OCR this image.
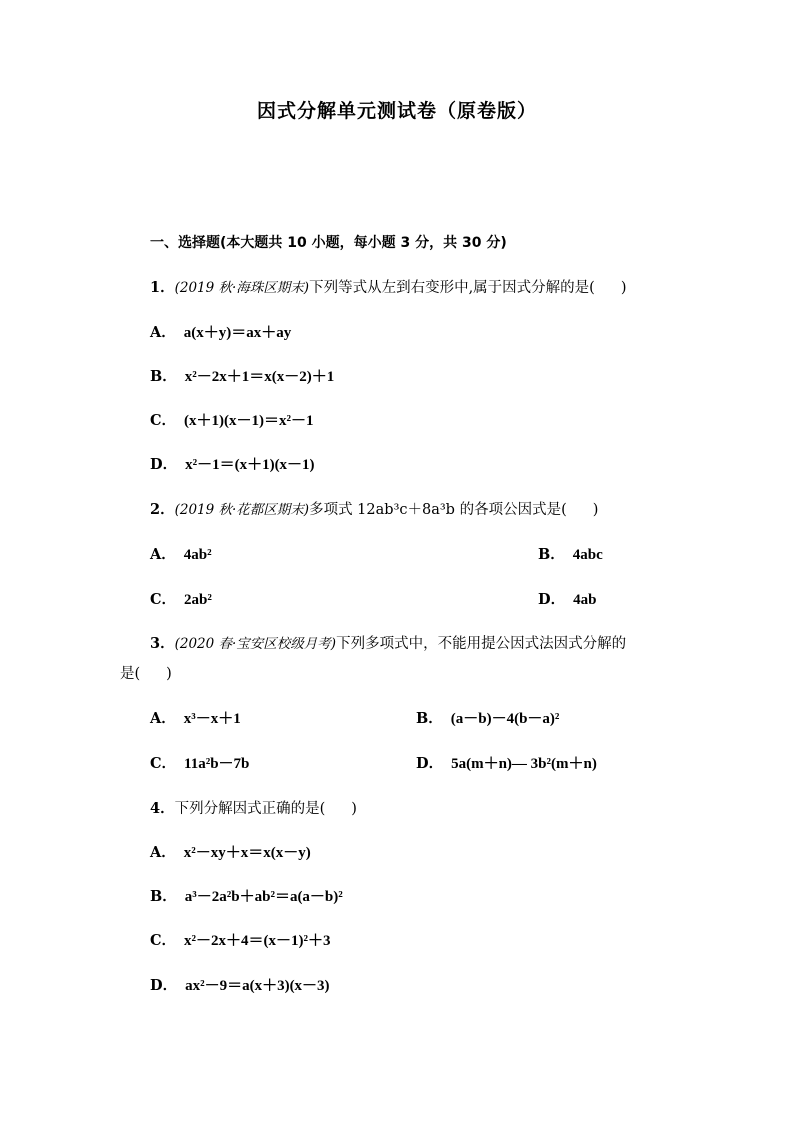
因式分解单元测试卷（原卷版）
一、选择题(本大题共 10 小题，每小题 3 分，共 30 分)
1．(2019 秋·海珠区期末)下列等式从左到右变形中,属于因式分解的是( )
A． a(x＋y)＝ax＋ay
B． x²－2x＋1＝x(x－2)＋1
C． (x＋1)(x－1)＝x²－1
D． x²－1＝(x＋1)(x－1)
2．(2019 秋·花都区期末)多项式 12ab³c＋8a³b 的各项公因式是( )
A． 4ab²	B． 4abc
C． 2ab²	D． 4ab
3．(2020 春·宝安区校级月考)下列多项式中，不能用提公因式法因式分解的
是( )
A． x³－x＋1	B． (a－b)－4(b－a)²
C． 11a²b－7b	D． 5a(m＋n)— 3b²(m＋n)
4．下列分解因式正确的是( )
A． x²－xy＋x＝x(x－y)
B． a³－2a²b＋ab²＝a(a－b)²
C． x²－2x＋4＝(x－1)²＋3
D． ax²－9＝a(x＋3)(x－3)
